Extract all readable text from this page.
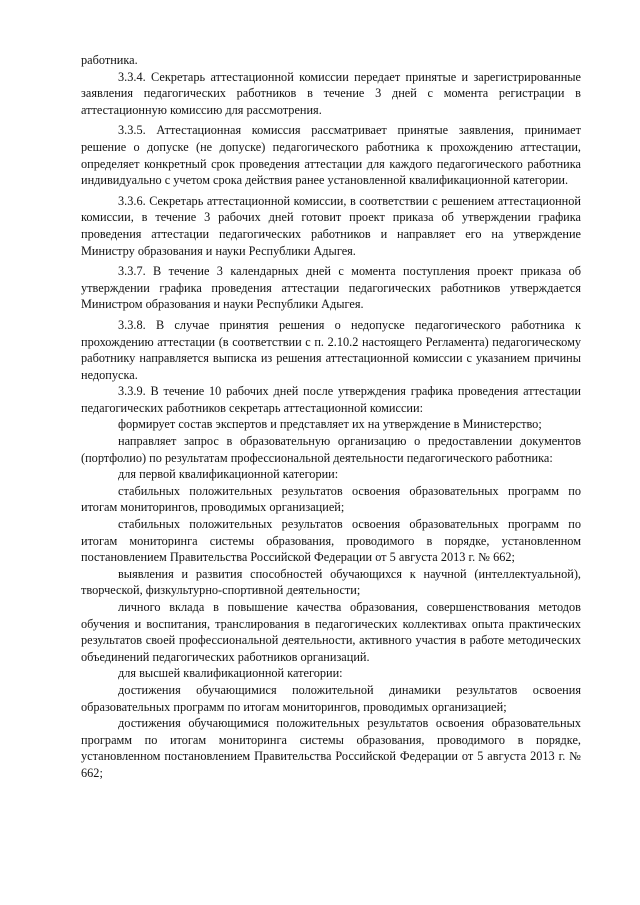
работника.

3.3.4. Секретарь аттестационной комиссии передает принятые и зарегистрированные заявления педагогических работников в течение 3 дней с момента регистрации в аттестационную комиссию для рассмотрения.

3.3.5. Аттестационная комиссия рассматривает принятые заявления, принимает решение о допуске (не допуске) педагогического работника к прохождению аттестации, определяет конкретный срок проведения аттестации для каждого педагогического работника индивидуально с учетом срока действия ранее установленной квалификационной категории.

3.3.6. Секретарь аттестационной комиссии, в соответствии с решением аттестационной комиссии, в течение 3 рабочих дней готовит проект приказа об утверждении графика проведения аттестации педагогических работников и направляет его на утверждение Министру образования и науки Республики Адыгея.

3.3.7. В течение 3 календарных дней с момента поступления проект приказа об утверждении графика проведения аттестации педагогических работников утверждается Министром образования и науки Республики Адыгея.

3.3.8. В случае принятия решения о недопуске педагогического работника к прохождению аттестации (в соответствии с п. 2.10.2 настоящего Регламента) педагогическому работнику направляется выписка из решения аттестационной комиссии с указанием причины недопуска.

3.3.9. В течение 10 рабочих дней после утверждения графика проведения аттестации педагогических работников секретарь аттестационной комиссии:

формирует состав экспертов и представляет их на утверждение в Министерство;

направляет запрос в образовательную организацию о предоставлении документов (портфолио) по результатам профессиональной деятельности педагогического работника:

для первой квалификационной категории:

стабильных положительных результатов освоения образовательных программ по итогам мониторингов, проводимых организацией;

стабильных положительных результатов освоения образовательных программ по итогам мониторинга системы образования, проводимого в порядке, установленном постановлением Правительства Российской Федерации от 5 августа 2013 г. № 662;

выявления и развития способностей обучающихся к научной (интеллектуальной), творческой, физкультурно-спортивной деятельности;

личного вклада в повышение качества образования, совершенствования методов обучения и воспитания, транслирования в педагогических коллективах опыта практических результатов своей профессиональной деятельности, активного участия в работе методических объединений педагогических работников организаций.

для высшей квалификационной категории:

достижения обучающимися положительной динамики результатов освоения образовательных программ по итогам мониторингов, проводимых организацией;

достижения обучающимися положительных результатов освоения образовательных программ по итогам мониторинга системы образования, проводимого в порядке, установленном постановлением Правительства Российской Федерации от 5 августа 2013 г. № 662;
